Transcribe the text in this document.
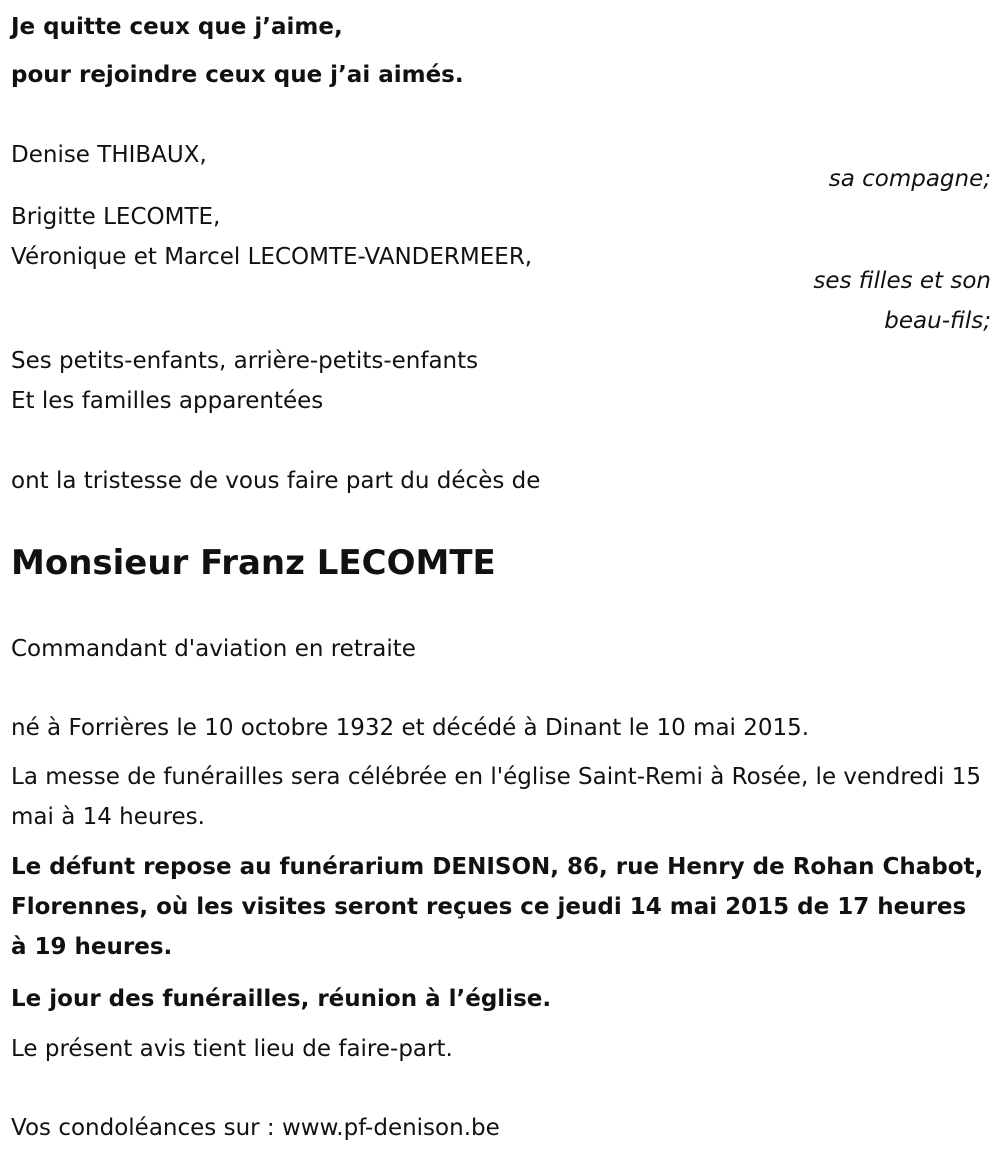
Je quitte ceux que j’aime,
pour rejoindre ceux que j’ai aimés.
Denise THIBAUX,
sa compagne;
Brigitte LECOMTE,
Véronique et Marcel LECOMTE-VANDERMEER,
ses filles et son
beau-fils;
Ses petits-enfants, arrière-petits-enfants
Et les familles apparentées
ont la tristesse de vous faire part du décès de
Monsieur Franz LECOMTE
Commandant d'aviation en retraite
né à Forrières le 10 octobre 1932 et décédé à Dinant le 10 mai 2015.
La messe de funérailles sera célébrée en l'église Saint-Remi à Rosée, le vendredi 15 mai à 14 heures.
Le défunt repose au funérarium DENISON, 86, rue Henry de Rohan Chabot, Florennes, où les visites seront reçues ce jeudi 14 mai 2015 de 17 heures à 19 heures.
Le jour des funérailles, réunion à l’église.
Le présent avis tient lieu de faire-part.
Vos condoléances sur : www.pf-denison.be
